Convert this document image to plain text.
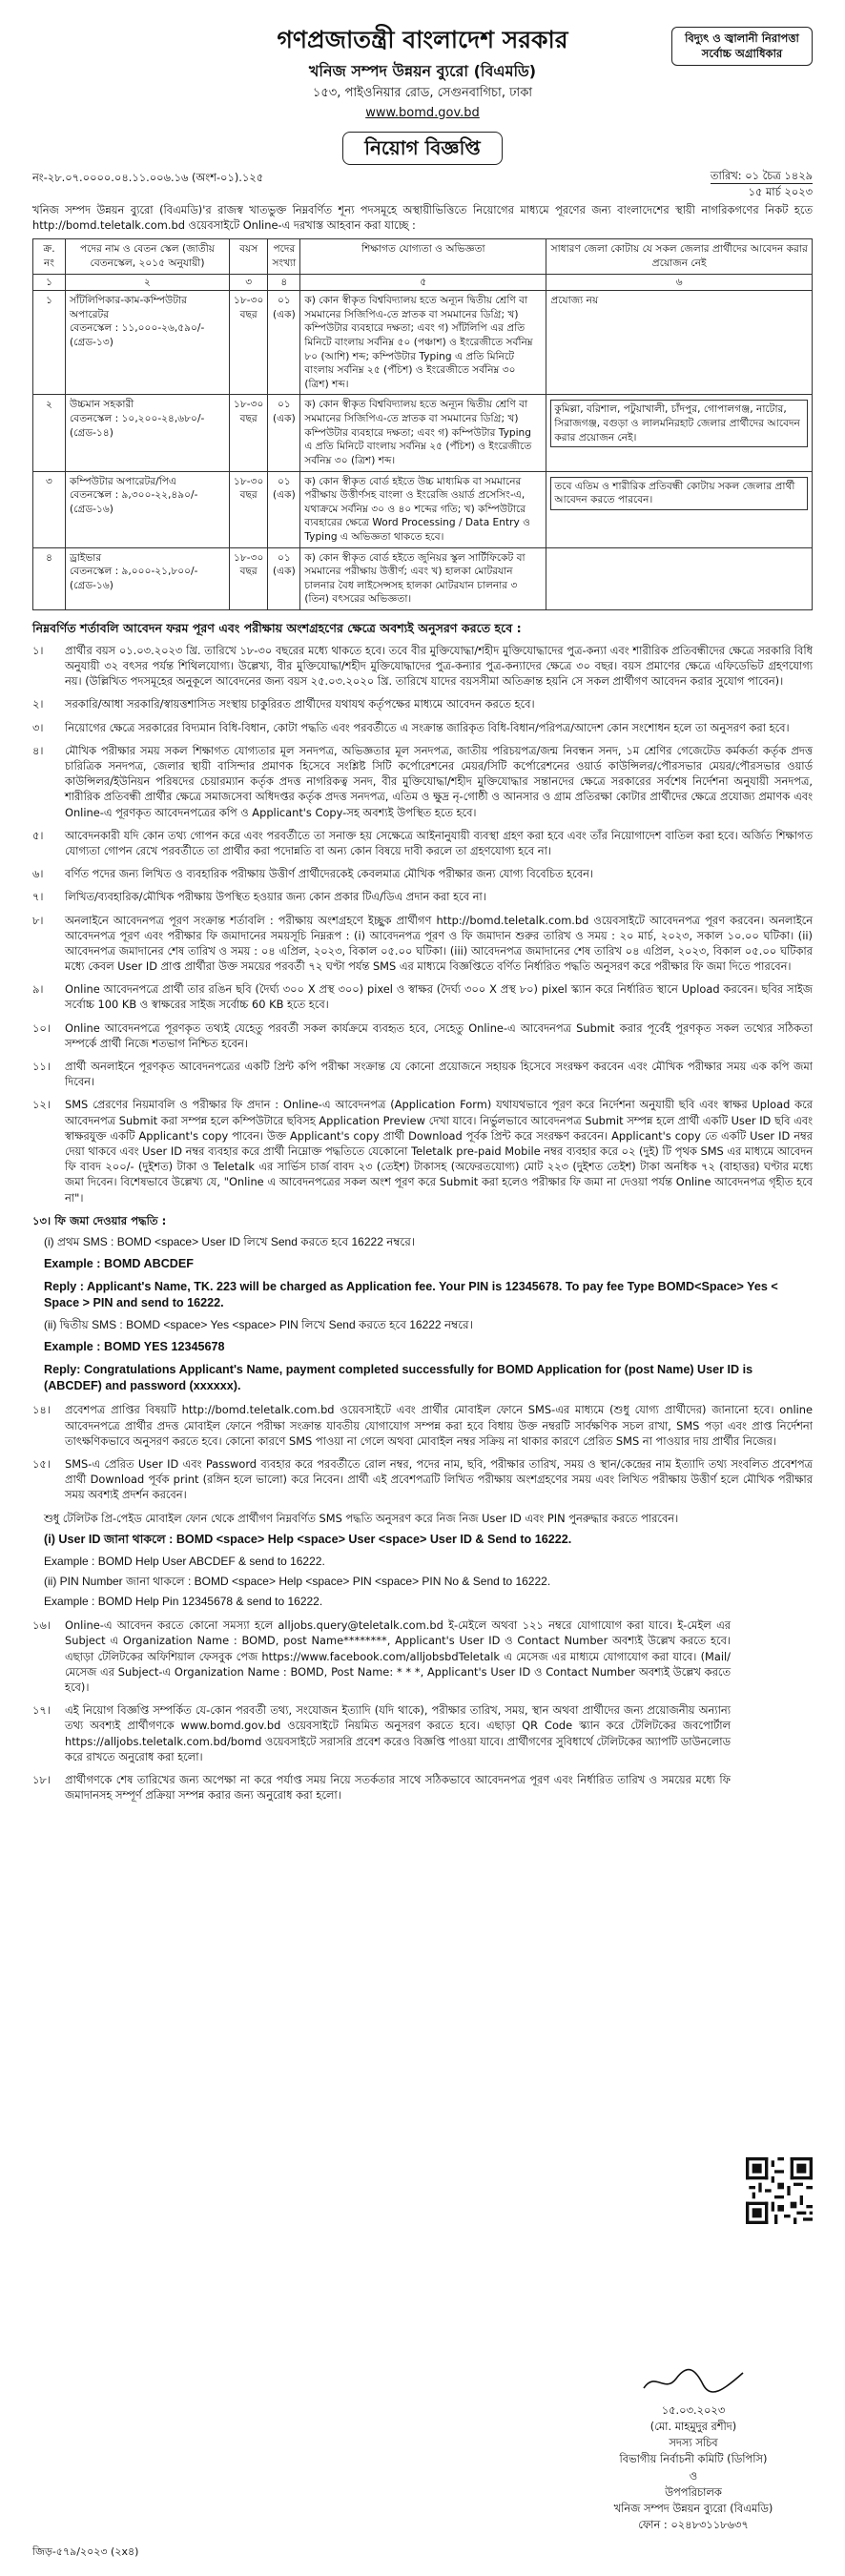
গণপ্রজাতন্ত্রী বাংলাদেশ সরকার
খনিজ সম্পদ উন্নয়ন ব্যুরো (বিএমডি)
১৫৩, পাইওনিয়ার রোড, সেগুনবাগিচা, ঢাকা
www.bomd.gov.bd
নিয়োগ বিজ্ঞপ্তি
বিদ্যুৎ ও জ্বালানী নিরাপত্তা সর্বোচ্চ অগ্রাধিকার
নং-২৮.০৭.০০০০.০৪.১১.০০৬.১৬ (অংশ-০১).১২৫	তারিখ: ০১ চৈত্র ১৪২৯
১৫ মার্চ ২০২৩

খনিজ সম্পদ উন্নয়ন ব্যুরো (বিএমডি)'র রাজস্ব খাতভুক্ত নিম্নবর্ণিত শূন্য পদসমূহে অস্থায়ীভিত্তিতে নিয়োগের মাধ্যমে পূরণের জন্য বাংলাদেশের স্থায়ী নাগরিকগণের নিকট হতে http://bomd.teletalk.com.bd ওয়েবসাইটে Online-এ দরখাস্ত আহবান করা যাচ্ছে :

ক্র. নং	পদের নাম ও বেতন স্কেল (জাতীয় বেতনস্কেল, ২০১৫ অনুযায়ী)	বয়স	পদের সংখ্যা	শিক্ষাগত যোগ্যতা ও অভিজ্ঞতা	সাধারণ জেলা কোটায় যে সকল জেলার প্রার্থীদের আবেদন করার প্রয়োজন নেই
১	২	৩	৪	৫	৬
১	সাঁটলিপিকার-কাম-কম্পিউটার অপারেটর
বেতনস্কেল : ১১,০০০-২৬,৫৯০/- (গ্রেড-১৩)	১৮-৩০ বছর	০১ (এক)	ক) কোন স্বীকৃত বিশ্ববিদ্যালয় হতে অন্যূন দ্বিতীয় শ্রেণি বা সমমানের সিজিপিএ-তে স্নাতক বা সমমানের ডিগ্রি; খ) কম্পিউটার ব্যবহারে দক্ষতা; এবং গ) সাঁটলিপি এর প্রতি মিনিটে বাংলায় সর্বনিম্ন ৫০ (পঞ্চাশ) ও ইংরেজীতে সর্বনিম্ন ৮০ (আশি) শব্দ; কম্পিউটার Typing এ প্রতি মিনিটে বাংলায় সর্বনিম্ন ২৫ (পঁচিশ) ও ইংরেজীতে সর্বনিম্ন ৩০ (ত্রিশ) শব্দ।	প্রযোজ্য নয়
২	উচ্চমান সহকারী
বেতনস্কেল : ১০,২০০-২৪,৬৮০/- (গ্রেড-১৪)	১৮-৩০ বছর	০১ (এক)	ক) কোন স্বীকৃত বিশ্ববিদ্যালয় হতে অন্যূন দ্বিতীয় শ্রেণি বা সমমানের সিজিপিএ-তে স্নাতক বা সমমানের ডিগ্রি; খ) কম্পিউটার ব্যবহারে দক্ষতা; এবং গ) কম্পিউটার Typing এ প্রতি মিনিটে বাংলায় সর্বনিম্ন ২৫ (পঁচিশ) ও ইংরেজীতে সর্বনিম্ন ৩০ (ত্রিশ) শব্দ।	কুমিল্লা, বরিশাল, পটুয়াখালী, চাঁদপুর, গোপালগঞ্জ, নাটোর, সিরাজগঞ্জ, বগুড়া ও লালমনিরহাট জেলার প্রার্থীদের আবেদন করার প্রয়োজন নেই।

৩	কম্পিউটার অপারেটর/পিএ
বেতনস্কেল : ৯,৩০০-২২,৪৯০/- (গ্রেড-১৬)	১৮-৩০ বছর	০১ (এক)	ক) কোন স্বীকৃত বোর্ড হইতে উচ্চ মাধ্যমিক বা সমমানের পরীক্ষায় উত্তীর্ণসহ বাংলা ও ইংরেজি ওয়ার্ড প্রসেসিং-এ, যথাক্রমে সর্বনিম্ন ৩০ ও ৪০ শব্দের গতি; খ) কম্পিউটারে ব্যবহারের ক্ষেত্রে Word Processing / Data Entry ও Typing এ অভিজ্ঞতা থাকতে হবে।	তবে এতিম ও শারীরিক প্রতিবন্ধী কোটায় সকল জেলার প্রার্থী আবেদন করতে পারবেন।

৪	ড্রাইভার
বেতনস্কেল : ৯,০০০-২১,৮০০/- (গ্রেড-১৬)	১৮-৩০ বছর	০১ (এক)	ক) কোন স্বীকৃত বোর্ড হইতে জুনিয়র স্কুল সার্টিফিকেট বা সমমানের পরীক্ষায় উত্তীর্ণ; এবং খ) হালকা মোটরযান চালনার বৈধ লাইসেন্সসহ হালকা মোটরযান চালনার ৩ (তিন) বৎসরের অভিজ্ঞতা।	
নিম্নবর্ণিত শর্তাবলি আবেদন ফরম পূরণ এবং পরীক্ষায় অংশগ্রহণের ক্ষেত্রে অবশ্যই অনুসরণ করতে হবে :
১।	প্রার্থীর বয়স ০১.০৩.২০২৩ খ্রি. তারিখে ১৮-৩০ বছরের মধ্যে থাকতে হবে। তবে বীর মুক্তিযোদ্ধা/শহীদ মুক্তিযোদ্ধাদের পুত্র-কন্যা এবং শারীরিক প্রতিবন্ধীদের ক্ষেত্রে সরকারি বিধি অনুযায়ী ৩২ বৎসর পর্যন্ত শিথিলযোগ্য। উল্লেখ্য, বীর মুক্তিযোদ্ধা/শহীদ মুক্তিযোদ্ধাদের পুত্র-কন্যার পুত্র-কন্যাদের ক্ষেত্রে ৩০ বছর। বয়স প্রমাণের ক্ষেত্রে এফিডেভিট গ্রহণযোগ্য নয়। (উল্লিখিত পদসমূহের অনুকূলে আবেদনের জন্য বয়স ২৫.০৩.২০২০ খ্রি. তারিখে যাদের বয়সসীমা অতিক্রান্ত হয়নি সে সকল প্রার্থীগণ আবেদন করার সুযোগ পাবেন)।
২।	সরকারি/আধা সরকারি/স্বায়ত্তশাসিত সংস্থায় চাকুরিরত প্রার্থীদের যথাযথ কর্তৃপক্ষের মাধ্যমে আবেদন করতে হবে।
৩।	নিয়োগের ক্ষেত্রে সরকারের বিদ্যমান বিধি-বিধান, কোটা পদ্ধতি এবং পরবর্তীতে এ সংক্রান্ত জারিকৃত বিধি-বিধান/পরিপত্র/আদেশ কোন সংশোধন হলে তা অনুসরণ করা হবে।
৪।	মৌখিক পরীক্ষার সময় সকল শিক্ষাগত যোগ্যতার মূল সনদপত্র, অভিজ্ঞতার মূল সনদপত্র, জাতীয় পরিচয়পত্র/জন্ম নিবন্ধন সনদ, ১ম শ্রেণির গেজেটেড কর্মকর্তা কর্তৃক প্রদত্ত চারিত্রিক সনদপত্র, জেলার স্থায়ী বাসিন্দার প্রমাণক হিসেবে সংশ্লিষ্ট সিটি কর্পোরেশনের মেয়র/সিটি কর্পোরেশনের ওয়ার্ড কাউন্সিলর/পৌরসভার মেয়র/পৌরসভার ওয়ার্ড কাউন্সিলর/ইউনিয়ন পরিষদের চেয়ারম্যান কর্তৃক প্রদত্ত নাগরিকত্ব সনদ, বীর মুক্তিযোদ্ধা/শহীদ মুক্তিযোদ্ধার সন্তানদের ক্ষেত্রে সরকারের সর্বশেষ নির্দেশনা অনুযায়ী সনদপত্র, শারীরিক প্রতিবন্ধী প্রার্থীর ক্ষেত্রে সমাজসেবা অধিদপ্তর কর্তৃক প্রদত্ত সনদপত্র, এতিম ও ক্ষুদ্র নৃ-গোষ্ঠী ও আনসার ও গ্রাম প্রতিরক্ষা কোটার প্রার্থীদের ক্ষেত্রে প্রযোজ্য প্রমাণক এবং Online-এ পূরণকৃত আবেদনপত্রের কপি ও Applicant's Copy-সহ অবশ্যই উপস্থিত হতে হবে।
৫।	আবেদনকারী যদি কোন তথ্য গোপন করে এবং পরবর্তীতে তা সনাক্ত হয় সেক্ষেত্রে আইনানুযায়ী ব্যবস্থা গ্রহণ করা হবে এবং তাঁর নিয়োগাদেশ বাতিল করা হবে। অর্জিত শিক্ষাগত যোগ্যতা গোপন রেখে পরবর্তীতে তা প্রার্থীর করা পদোন্নতি বা অন্য কোন বিষয়ে দাবী করলে তা গ্রহণযোগ্য হবে না।
৬।	বর্ণিত পদের জন্য লিখিত ও ব্যবহারিক পরীক্ষায় উত্তীর্ণ প্রার্থীদেরকেই কেবলমাত্র মৌখিক পরীক্ষার জন্য যোগ্য বিবেচিত হবেন।
৭।	লিখিত/ব্যবহারিক/মৌখিক পরীক্ষায় উপস্থিত হওয়ার জন্য কোন প্রকার টিএ/ডিএ প্রদান করা হবে না।
৮।	অনলাইনে আবেদনপত্র পূরণ সংক্রান্ত শর্তাবলি : পরীক্ষায় অংশগ্রহণে ইচ্ছুক প্রার্থীগণ http://bomd.teletalk.com.bd ওয়েবসাইটে আবেদনপত্র পূরণ করবেন। অনলাইনে আবেদনপত্র পূরণ এবং পরীক্ষার ফি জমাদানের সময়সূচি নিম্নরূপ : (i) আবেদনপত্র পূরণ ও ফি জমাদান শুরুর তারিখ ও সময় : ২০ মার্চ, ২০২৩, সকাল ১০.০০ ঘটিকা। (ii) আবেদনপত্র জমাদানের শেষ তারিখ ও সময় : ০৪ এপ্রিল, ২০২৩, বিকাল ০৫.০০ ঘটিকা। (iii) আবেদনপত্র জমাদানের শেষ তারিখ ০৪ এপ্রিল, ২০২৩, বিকাল ০৫.০০ ঘটিকার মধ্যে কেবল User ID প্রাপ্ত প্রার্থীরা উক্ত সময়ের পরবর্তী ৭২ ঘণ্টা পর্যন্ত SMS এর মাধ্যমে বিজ্ঞপ্তিতে বর্ণিত নির্ধারিত পদ্ধতি অনুসরণ করে পরীক্ষার ফি জমা দিতে পারবেন।
৯।	Online আবেদনপত্রে প্রার্থী তার রঙিন ছবি (দৈর্ঘ্য ৩০০ X প্রস্থ ৩০০) pixel ও স্বাক্ষর (দৈর্ঘ্য ৩০০ X প্রস্থ ৮০) pixel স্ক্যান করে নির্ধারিত স্থানে Upload করবেন। ছবির সাইজ সর্বোচ্চ 100 KB ও স্বাক্ষরের সাইজ সর্বোচ্চ 60 KB হতে হবে।
১০।	Online আবেদনপত্রে পূরণকৃত তথ্যই যেহেতু পরবর্তী সকল কার্যক্রমে ব্যবহৃত হবে, সেহেতু Online-এ আবেদনপত্র Submit করার পূর্বেই পূরণকৃত সকল তথ্যের সঠিকতা সম্পর্কে প্রার্থী নিজে শতভাগ নিশ্চিত হবেন।
১১।	প্রার্থী অনলাইনে পূরণকৃত আবেদনপত্রের একটি প্রিন্ট কপি পরীক্ষা সংক্রান্ত যে কোনো প্রয়োজনে সহায়ক হিসেবে সংরক্ষণ করবেন এবং মৌখিক পরীক্ষার সময় এক কপি জমা দিবেন।
১২।	SMS প্রেরণের নিয়মাবলি ও পরীক্ষার ফি প্রদান : Online-এ আবেদনপত্র (Application Form) যথাযথভাবে পূরণ করে নির্দেশনা অনুযায়ী ছবি এবং স্বাক্ষর Upload করে আবেদনপত্র Submit করা সম্পন্ন হলে কম্পিউটারে ছবিসহ Application Preview দেখা যাবে। নির্ভুলভাবে আবেদনপত্র Submit সম্পন্ন হলে প্রার্থী একটি User ID ছবি এবং স্বাক্ষরযুক্ত একটি Applicant's copy পাবেন। উক্ত Applicant's copy প্রার্থী Download পূর্বক প্রিন্ট করে সংরক্ষণ করবেন। Applicant's copy তে একটি User ID নম্বর দেয়া থাকবে এবং User ID নম্বর ব্যবহার করে প্রার্থী নিম্নোক্ত পদ্ধতিতে যেকোনো Teletalk pre-paid Mobile নম্বর ব্যবহার করে ০২ (দুই) টি পৃথক SMS এর মাধ্যমে আবেদন ফি বাবদ ২০০/- (দুইশত) টাকা ও Teletalk এর সার্ভিস চার্জ বাবদ ২৩ (তেইশ) টাকাসহ (অফেরতযোগ্য) মোট ২২৩ (দুইশত তেইশ) টাকা অনধিক ৭২ (বাহাত্তর) ঘণ্টার মধ্যে জমা দিবেন। বিশেষভাবে উল্লেখ্য যে, "Online এ আবেদনপত্রের সকল অংশ পূরণ করে Submit করা হলেও পরীক্ষার ফি জমা না দেওয়া পর্যন্ত Online আবেদনপত্র গৃহীত হবে না"।
১৩। ফি জমা দেওয়ার পদ্ধতি :
(i) প্রথম SMS : BOMD <space> User ID লিখে Send করতে হবে 16222 নম্বরে।
Example : BOMD ABCDEF
Reply : Applicant's Name, TK. 223 will be charged as Application fee. Your PIN is 12345678. To pay fee Type BOMD<Space> Yes < Space > PIN and send to 16222.
(ii) দ্বিতীয় SMS : BOMD <space> Yes <space> PIN লিখে Send করতে হবে 16222 নম্বরে।
Example : BOMD YES 12345678
Reply: Congratulations Applicant's Name, payment completed successfully for BOMD Application for (post Name) User ID is (ABCDEF) and password (xxxxxx).
১৪।	প্রবেশপত্র প্রাপ্তির বিষয়টি http://bomd.teletalk.com.bd ওয়েবসাইটে এবং প্রার্থীর মোবাইল ফোনে SMS-এর মাধ্যমে (শুধু যোগ্য প্রার্থীদের) জানানো হবে। online আবেদনপত্রে প্রার্থীর প্রদত্ত মোবাইল ফোনে পরীক্ষা সংক্রান্ত যাবতীয় যোগাযোগ সম্পন্ন করা হবে বিধায় উক্ত নম্বরটি সার্বক্ষণিক সচল রাখা, SMS পড়া এবং প্রাপ্ত নির্দেশনা তাৎক্ষণিকভাবে অনুসরণ করতে হবে। কোনো কারণে SMS পাওয়া না গেলে অথবা মোবাইল নম্বর সক্রিয় না থাকার কারণে প্রেরিত SMS না পাওয়ার দায় প্রার্থীর নিজের।
১৫।	SMS-এ প্রেরিত User ID এবং Password ব্যবহার করে পরবর্তীতে রোল নম্বর, পদের নাম, ছবি, পরীক্ষার তারিখ, সময় ও স্থান/কেন্দ্রের নাম ইত্যাদি তথ্য সংবলিত প্রবেশপত্র প্রার্থী Download পূর্বক print (রঙ্গিন হলে ভালো) করে নিবেন। প্রার্থী এই প্রবেশপত্রটি লিখিত পরীক্ষায় অংশগ্রহণের সময় এবং লিখিত পরীক্ষায় উত্তীর্ণ হলে মৌখিক পরীক্ষার সময় অবশ্যই প্রদর্শন করবেন।
শুধু টেলিটক প্রি-পেইড মোবাইল ফোন থেকে প্রার্থীগণ নিম্নবর্ণিত SMS পদ্ধতি অনুসরণ করে নিজ নিজ User ID এবং PIN পুনরুদ্ধার করতে পারবেন।
(i) User ID জানা থাকলে : BOMD <space> Help <space> User <space> User ID & Send to 16222.
Example : BOMD Help User ABCDEF & send to 16222.
(ii) PIN Number জানা থাকলে : BOMD <space> Help <space> PIN <space> PIN No & Send to 16222.
Example : BOMD Help Pin 12345678 & send to 16222.
১৬।	Online-এ আবেদন করতে কোনো সমস্যা হলে alljobs.query@teletalk.com.bd ই-মেইলে অথবা ১২১ নম্বরে যোগাযোগ করা যাবে। ই-মেইল এর Subject এ Organization Name : BOMD, post Name********, Applicant's User ID ও Contact Number অবশ্যই উল্লেখ করতে হবে। এছাড়া টেলিটকের অফিশিয়াল ফেসবুক পেজ https://www.facebook.com/alljobsbdTeletalk এ মেসেজ এর মাধ্যমে যোগাযোগ করা যাবে। (Mail/মেসেজ এর Subject-এ Organization Name : BOMD, Post Name: * * *, Applicant's User ID ও Contact Number অবশ্যই উল্লেখ করতে হবে)।
১৭।	এই নিয়োগ বিজ্ঞপ্তি সম্পর্কিত যে-কোন পরবর্তী তথ্য, সংযোজন ইত্যাদি (যদি থাকে), পরীক্ষার তারিখ, সময়, স্থান অথবা প্রার্থীদের জন্য প্রয়োজনীয় অন্যান্য তথ্য অবশ্যই প্রার্থীগণকে www.bomd.gov.bd ওয়েবসাইটে নিয়মিত অনুসরণ করতে হবে। এছাড়া QR Code স্ক্যান করে টেলিটকের জবপোর্টাল https://alljobs.teletalk.com.bd/bomd ওয়েবসাইটে সরাসরি প্রবেশ করেও বিজ্ঞপ্তি পাওয়া যাবে। প্রার্থীগণের সুবিধার্থে টেলিটকের অ্যাপটি ডাউনলোড করে রাখতে অনুরোধ করা হলো।
১৮।	প্রার্থীগণকে শেষ তারিখের জন্য অপেক্ষা না করে পর্যাপ্ত সময় নিয়ে সতর্কতার সাথে সঠিকভাবে আবেদনপত্র পূরণ এবং নির্ধারিত তারিখ ও সময়ের মধ্যে ফি জমাদানসহ সম্পূর্ণ প্রক্রিয়া সম্পন্ন করার জন্য অনুরোধ করা হলো।
১৫.০৩.২০২৩
(মো. মাহমুদুর রশীদ)
সদস্য সচিব
বিভাগীয় নির্বাচনী কমিটি (ডিপিসি)
ও
উপপরিচালক
খনিজ সম্পদ উন্নয়ন ব্যুরো (বিএমডি)
ফোন : ০২৪৮৩১১৮৬৩৭
জিড়-৫৭৯/২০২৩ (২x৪)
